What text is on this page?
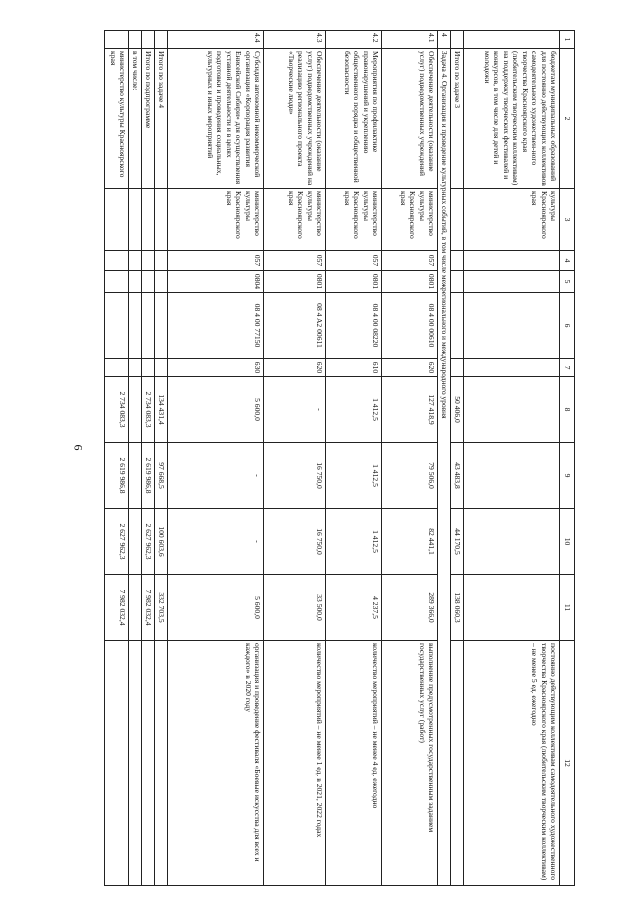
6
1	2	3	4	5	6	7	8	9	10	11	12
	бюджетам муниципальных образований для постоянно действующих коллективов самодеятельного художествен-ного творчества Красноярского края (любительским творческим коллективам) на поддержку творческих фестивалей и конкурсов, в том числе для детей и молодежи	культуры Красноярского края									постоянно действующим коллективам самодеятельного художественного творчества Красноярского края (любительским творческим коллективам) – не менее 5 ед. ежегодно
	Итого по задаче 3						50 406,0	43 483,8	44 170,5	138 060,3	
4	Задача 4. Организация и проведение культурных событий, в том числе межрегионального и международного уровня										
4.1	Обеспечение деятельности (оказание услуг) подведомственных учреждений	министерство культуры Красноярского края	057	0801	08 4 00 00610	620	127 418,9	79 506,0	82 441,1	289 366,0	выполнение предусмотренных государственным заданием государственных услуг (работ)
4.2	Мероприятия по профилактике правонарушений и укреплению общественного порядка и общественной безопасности	министерство культуры Красноярского края	057	0801	08 4 00 08220	610	1 412,5	1 412,5	1 412,5	4 237,5	количество мероприятий – не менее 4 ед. ежегодно
4.3	Обеспечение деятельности (оказание услуг) подведомственных учреждений на реализацию регионального проекта «Творческие люди»	министерство культуры Красноярского края	057	0801	08 4 A2 00611	620	-	16 750,0	16 750,0	33 500,0	количество мероприятий – не менее 1 ед. в 2021, 2022 годах
4.4	Субсидия автономной некоммерческой организации «Корпорация развития Енисейской Сибири» для осуществления уставной деятельности и в целях подготовки и проведения социальных, культурных и иных мероприятий	министерство культуры Красноярского края	057	0804	08 4 00 77150	630	5 600,0	-	-	5 600,0	организация и проведение фестиваля «Боевые искусства для всех и каждого» в 2020 году
	Итого по задаче 4						134 431,4	97 668,5	100 603,6	332 703,5	
	Итого по подпрограмме						2 734 083,3	2 619 986,8	2 627 962,3	7 982 032,4	
	в том числе:										
	министерство культуры Красноярского края						2 734 083,3	2 619 986,8	2 627 962,3	7 982 032,4	
